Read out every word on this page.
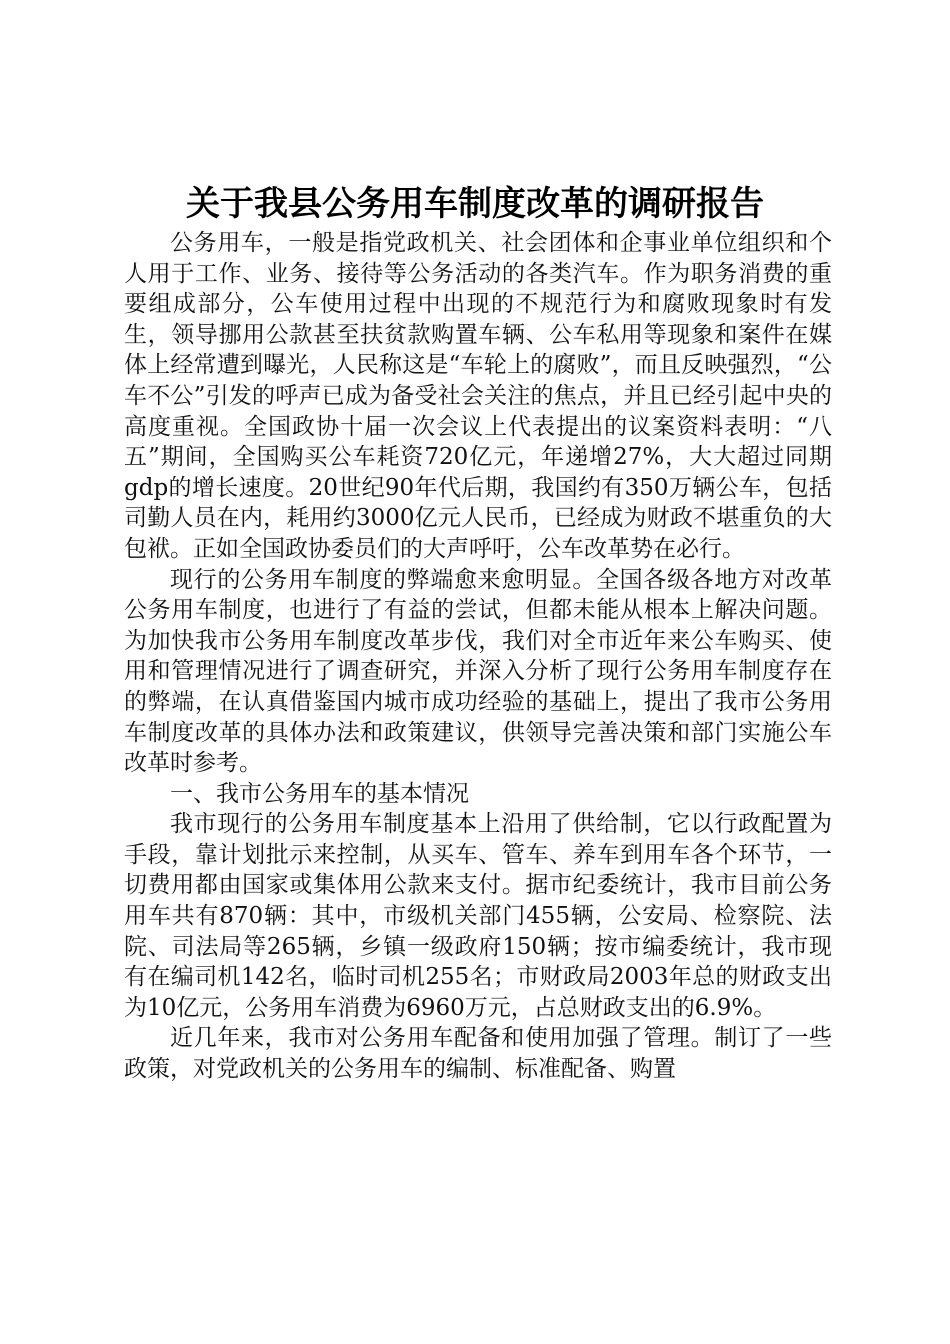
关于我县公务用车制度改革的调研报告

公务用车，一般是指党政机关、社会团体和企事业单位组织和个人用于工作、业务、接待等公务活动的各类汽车。作为职务消费的重要组成部分，公车使用过程中出现的不规范行为和腐败现象时有发生，领导挪用公款甚至扶贫款购置车辆、公车私用等现象和案件在媒体上经常遭到曝光，人民称这是“车轮上的腐败”，而且反映强烈，“公车不公”引发的呼声已成为备受社会关注的焦点，并且已经引起中央的高度重视。全国政协十届一次会议上代表提出的议案资料表明：“八五”期间，全国购买公车耗资720亿元，年递增27%，大大超过同期gdp的增长速度。20世纪90年代后期，我国约有350万辆公车，包括司勤人员在内，耗用约3000亿元人民币，已经成为财政不堪重负的大包袱。正如全国政协委员们的大声呼吁，公车改革势在必行。

现行的公务用车制度的弊端愈来愈明显。全国各级各地方对改革公务用车制度，也进行了有益的尝试，但都未能从根本上解决问题。为加快我市公务用车制度改革步伐，我们对全市近年来公车购买、使用和管理情况进行了调查研究，并深入分析了现行公务用车制度存在的弊端，在认真借鉴国内城市成功经验的基础上，提出了我市公务用车制度改革的具体办法和政策建议，供领导完善决策和部门实施公车改革时参考。

一、我市公务用车的基本情况

我市现行的公务用车制度基本上沿用了供给制，它以行政配置为手段，靠计划批示来控制，从买车、管车、养车到用车各个环节，一切费用都由国家或集体用公款来支付。据市纪委统计，我市目前公务用车共有870辆：其中，市级机关部门455辆，公安局、检察院、法院、司法局等265辆，乡镇一级政府150辆；按市编委统计，我市现有在编司机142名，临时司机255名；市财政局2003年总的财政支出为10亿元，公务用车消费为6960万元，占总财政支出的6.9%。

近几年来，我市对公务用车配备和使用加强了管理。制订了一些政策，对党政机关的公务用车的编制、标准配备、购置
